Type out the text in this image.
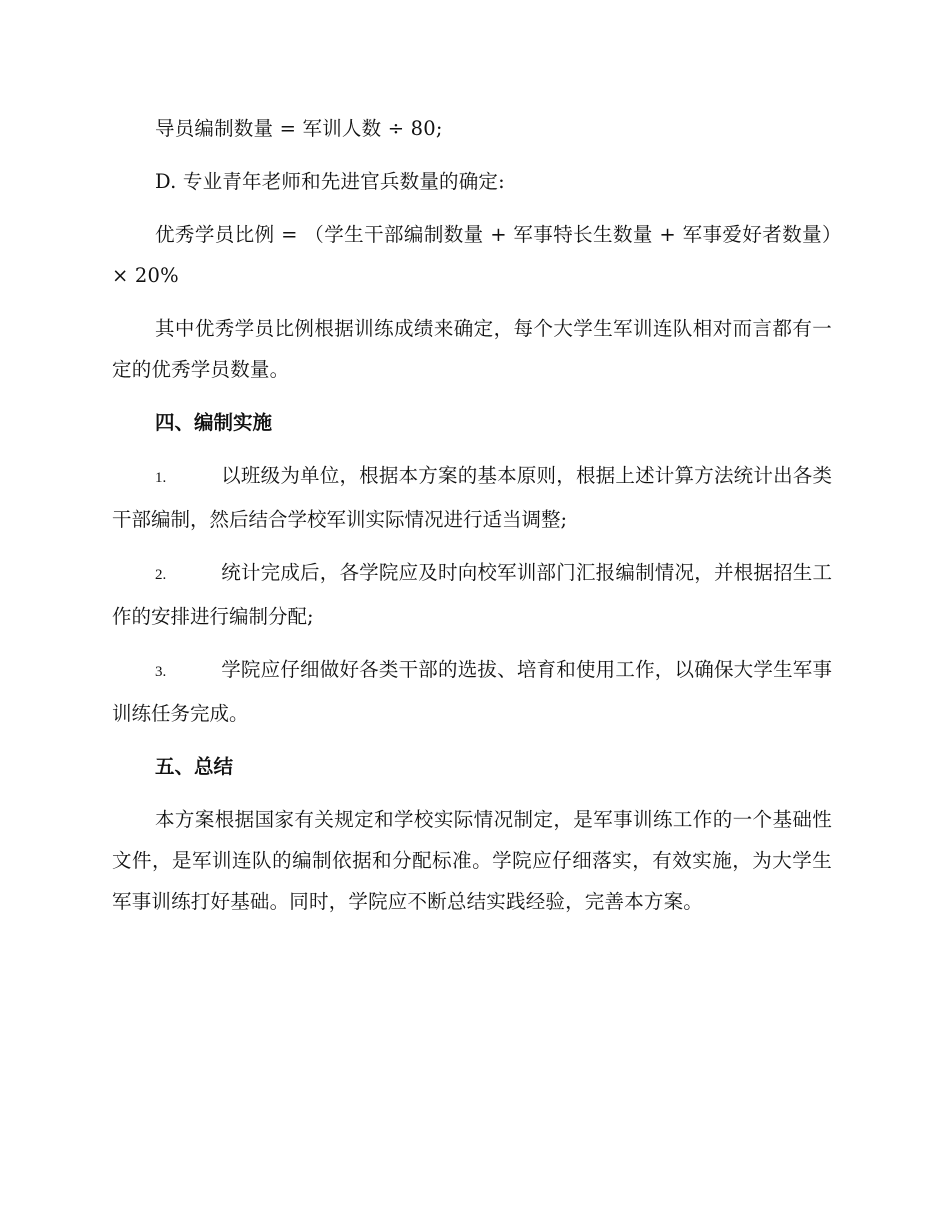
导员编制数量 = 军训人数 ÷ 80;

D. 专业青年老师和先进官兵数量的确定:

优秀学员比例 = （学生干部编制数量 + 军事特长生数量 + 军事爱好者数量）× 20%

其中优秀学员比例根据训练成绩来确定，每个大学生军训连队相对而言都有一定的优秀学员数量。

四、编制实施

1.	以班级为单位，根据本方案的基本原则，根据上述计算方法统计出各类干部编制，然后结合学校军训实际情况进行适当调整;

2.	统计完成后，各学院应及时向校军训部门汇报编制情况，并根据招生工作的安排进行编制分配;

3.	学院应仔细做好各类干部的选拔、培育和使用工作，以确保大学生军事训练任务完成。

五、总结

本方案根据国家有关规定和学校实际情况制定，是军事训练工作的一个基础性文件，是军训连队的编制依据和分配标准。学院应仔细落实，有效实施，为大学生军事训练打好基础。同时，学院应不断总结实践经验，完善本方案。
